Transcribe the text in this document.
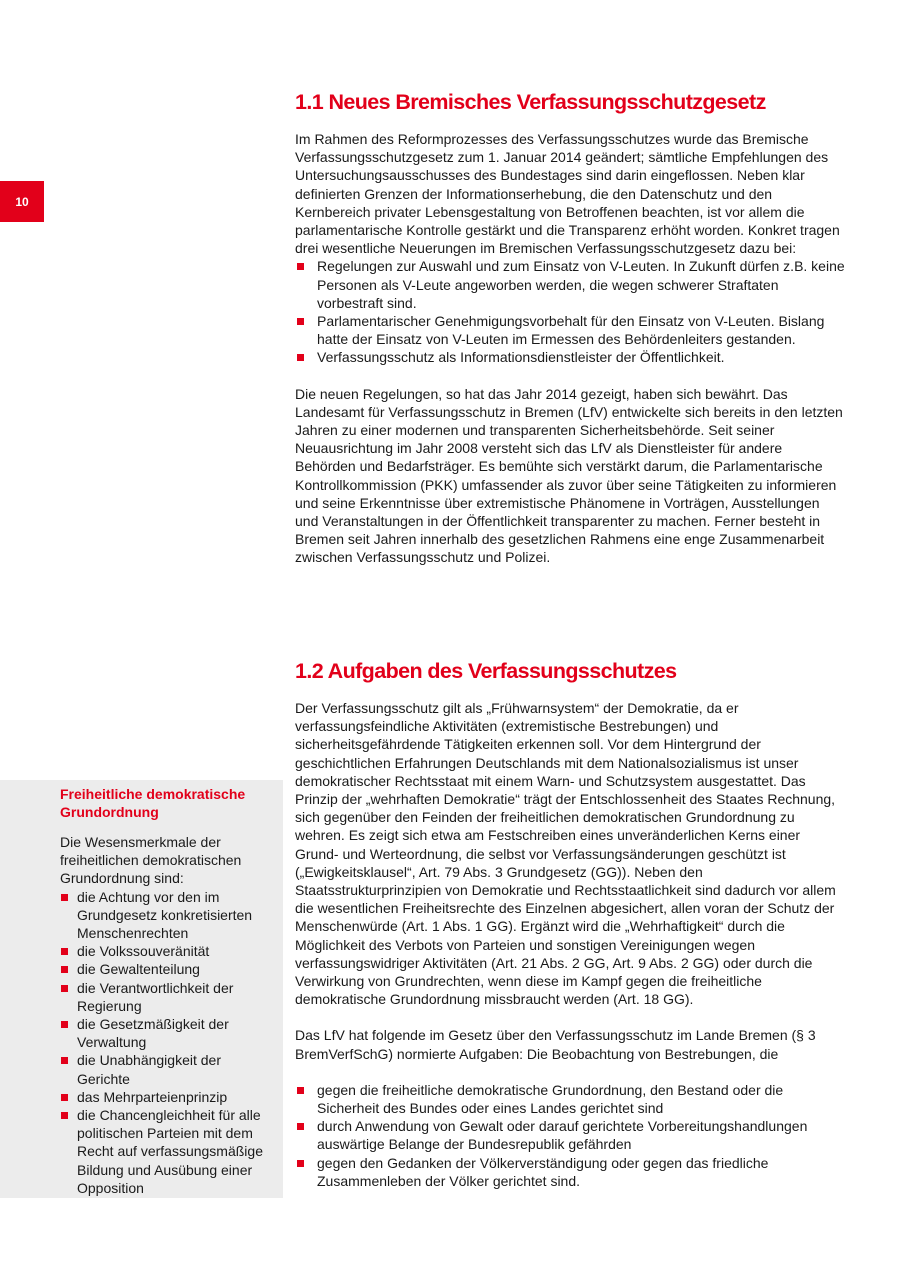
10
1.1 Neues Bremisches Verfassungsschutzgesetz

Im Rahmen des Reformprozesses des Verfassungsschutzes wurde das Bremische Verfassungsschutzgesetz zum 1. Januar 2014 geändert; sämtliche Empfehlungen des Untersuchungsausschusses des Bundestages sind darin eingeflossen. Neben klar definierten Grenzen der Informationserhebung, die den Datenschutz und den Kernbereich privater Lebensgestaltung von Betroffenen beachten, ist vor allem die parlamentarische Kontrolle gestärkt und die Transparenz erhöht worden. Konkret tragen drei wesentliche Neuerungen im Bremischen Verfassungsschutzgesetz dazu bei:

Regelungen zur Auswahl und zum Einsatz von V-Leuten. In Zukunft dürfen z.B. keine Personen als V-Leute angeworben werden, die wegen schwerer Straftaten vorbestraft sind.
Parlamentarischer Genehmigungsvorbehalt für den Einsatz von V-Leuten. Bislang hatte der Einsatz von V-Leuten im Ermessen des Behördenleiters gestanden.
Verfassungsschutz als Informationsdienstleister der Öffentlichkeit.

Die neuen Regelungen, so hat das Jahr 2014 gezeigt, haben sich bewährt. Das Landesamt für Verfassungsschutz in Bremen (LfV) entwickelte sich bereits in den letzten Jahren zu einer modernen und transparenten Sicherheitsbehörde. Seit seiner Neuausrichtung im Jahr 2008 versteht sich das LfV als Dienstleister für andere Behörden und Bedarfsträger. Es bemühte sich verstärkt darum, die Parlamentarische Kontrollkommission (PKK) umfassender als zuvor über seine Tätigkeiten zu informieren und seine Erkenntnisse über extremistische Phänomene in Vorträgen, Ausstellungen und Veranstaltungen in der Öffentlichkeit transparenter zu machen. Ferner besteht in Bremen seit Jahren innerhalb des gesetzlichen Rahmens eine enge Zusammenarbeit zwischen Verfassungsschutz und Polizei.

1.2 Aufgaben des Verfassungsschutzes

Der Verfassungsschutz gilt als „Frühwarnsystem“ der Demokratie, da er verfassungsfeindliche Aktivitäten (extremistische Bestrebungen) und sicherheitsgefährdende Tätigkeiten erkennen soll. Vor dem Hintergrund der geschichtlichen Erfahrungen Deutschlands mit dem Nationalsozialismus ist unser demokratischer Rechtsstaat mit einem Warn- und Schutzsystem ausgestattet. Das Prinzip der „wehrhaften Demokratie“ trägt der Entschlossenheit des Staates Rechnung, sich gegenüber den Feinden der freiheitlichen demokratischen Grundordnung zu wehren. Es zeigt sich etwa am Festschreiben eines unveränderlichen Kerns einer Grund- und Werteordnung, die selbst vor Verfassungsänderungen geschützt ist („Ewigkeitsklausel“, Art. 79 Abs. 3 Grundgesetz (GG)). Neben den Staatsstrukturprinzipien von Demokratie und Rechtsstaatlichkeit sind dadurch vor allem die wesentlichen Freiheitsrechte des Einzelnen abgesichert, allen voran der Schutz der Menschenwürde (Art. 1 Abs. 1 GG). Ergänzt wird die „Wehrhaftigkeit“ durch die Möglichkeit des Verbots von Parteien und sonstigen Vereinigungen wegen verfassungswidriger Aktivitäten (Art. 21 Abs. 2 GG, Art. 9 Abs. 2 GG) oder durch die Verwirkung von Grundrechten, wenn diese im Kampf gegen die freiheitliche demokratische Grundordnung missbraucht werden (Art. 18 GG).

Das LfV hat folgende im Gesetz über den Verfassungsschutz im Lande Bremen (§ 3 BremVerfSchG) normierte Aufgaben: Die Beobachtung von Bestrebungen, die

gegen die freiheitliche demokratische Grundordnung, den Bestand oder die Sicherheit des Bundes oder eines Landes gerichtet sind
durch Anwendung von Gewalt oder darauf gerichtete Vorbereitungshandlungen auswärtige Belange der Bundesrepublik gefährden
gegen den Gedanken der Völkerverständigung oder gegen das friedliche Zusammenleben der Völker gerichtet sind.
Freiheitliche demokratische Grundordnung

Die Wesensmerkmale der freiheitlichen demokratischen Grundordnung sind:

die Achtung vor den im Grundgesetz konkretisierten Menschenrechten
die Volkssouveränität
die Gewaltenteilung
die Verantwortlichkeit der Regierung
die Gesetzmäßigkeit der Verwaltung
die Unabhängigkeit der Gerichte
das Mehrparteienprinzip
die Chancengleichheit für alle politischen Parteien mit dem Recht auf verfassungsmäßige Bildung und Ausübung einer Opposition
